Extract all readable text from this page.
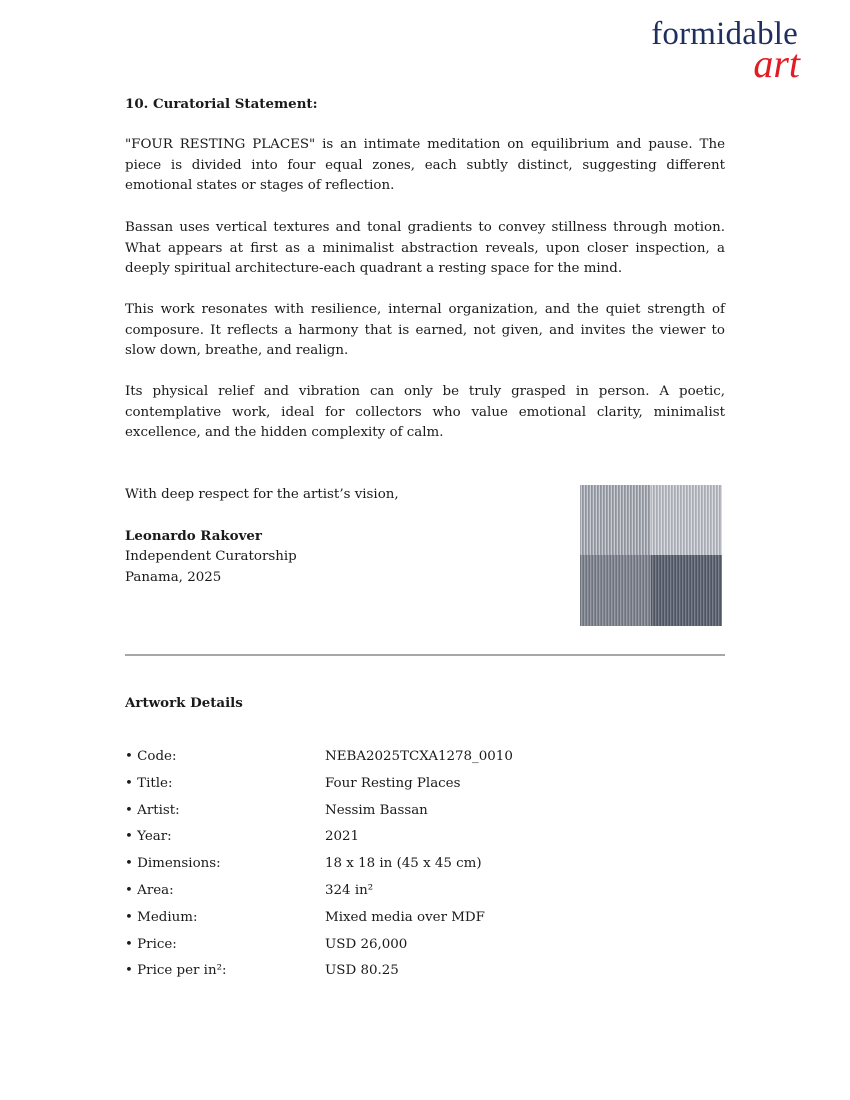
formidable
art
10. Curatorial Statement:

"FOUR RESTING PLACES" is an intimate meditation on equilibrium and pause. The piece is divided into four equal zones, each subtly distinct, suggesting different emotional states or stages of reflection.

Bassan uses vertical textures and tonal gradients to convey stillness through motion. What appears at first as a minimalist abstraction reveals, upon closer inspection, a deeply spiritual architecture-each quadrant a resting space for the mind.

This work resonates with resilience, internal organization, and the quiet strength of composure. It reflects a harmony that is earned, not given, and invites the viewer to slow down, breathe, and realign.

Its physical relief and vibration can only be truly grasped in person. A poetic, contemplative work, ideal for collectors who value emotional clarity, minimalist excellence, and the hidden complexity of calm.

With deep respect for the artist’s vision,
Leonardo Rakover
Independent Curatorship
Panama, 2025
Artwork Details
• Code:	NEBA2025TCXA1278_0010
• Title:	Four Resting Places
• Artist:	Nessim Bassan
• Year:	2021
• Dimensions:	18 x 18 in (45 x 45 cm)
• Area:	324 in²
• Medium:	Mixed media over MDF
• Price:	USD 26,000
• Price per in²:	USD 80.25
